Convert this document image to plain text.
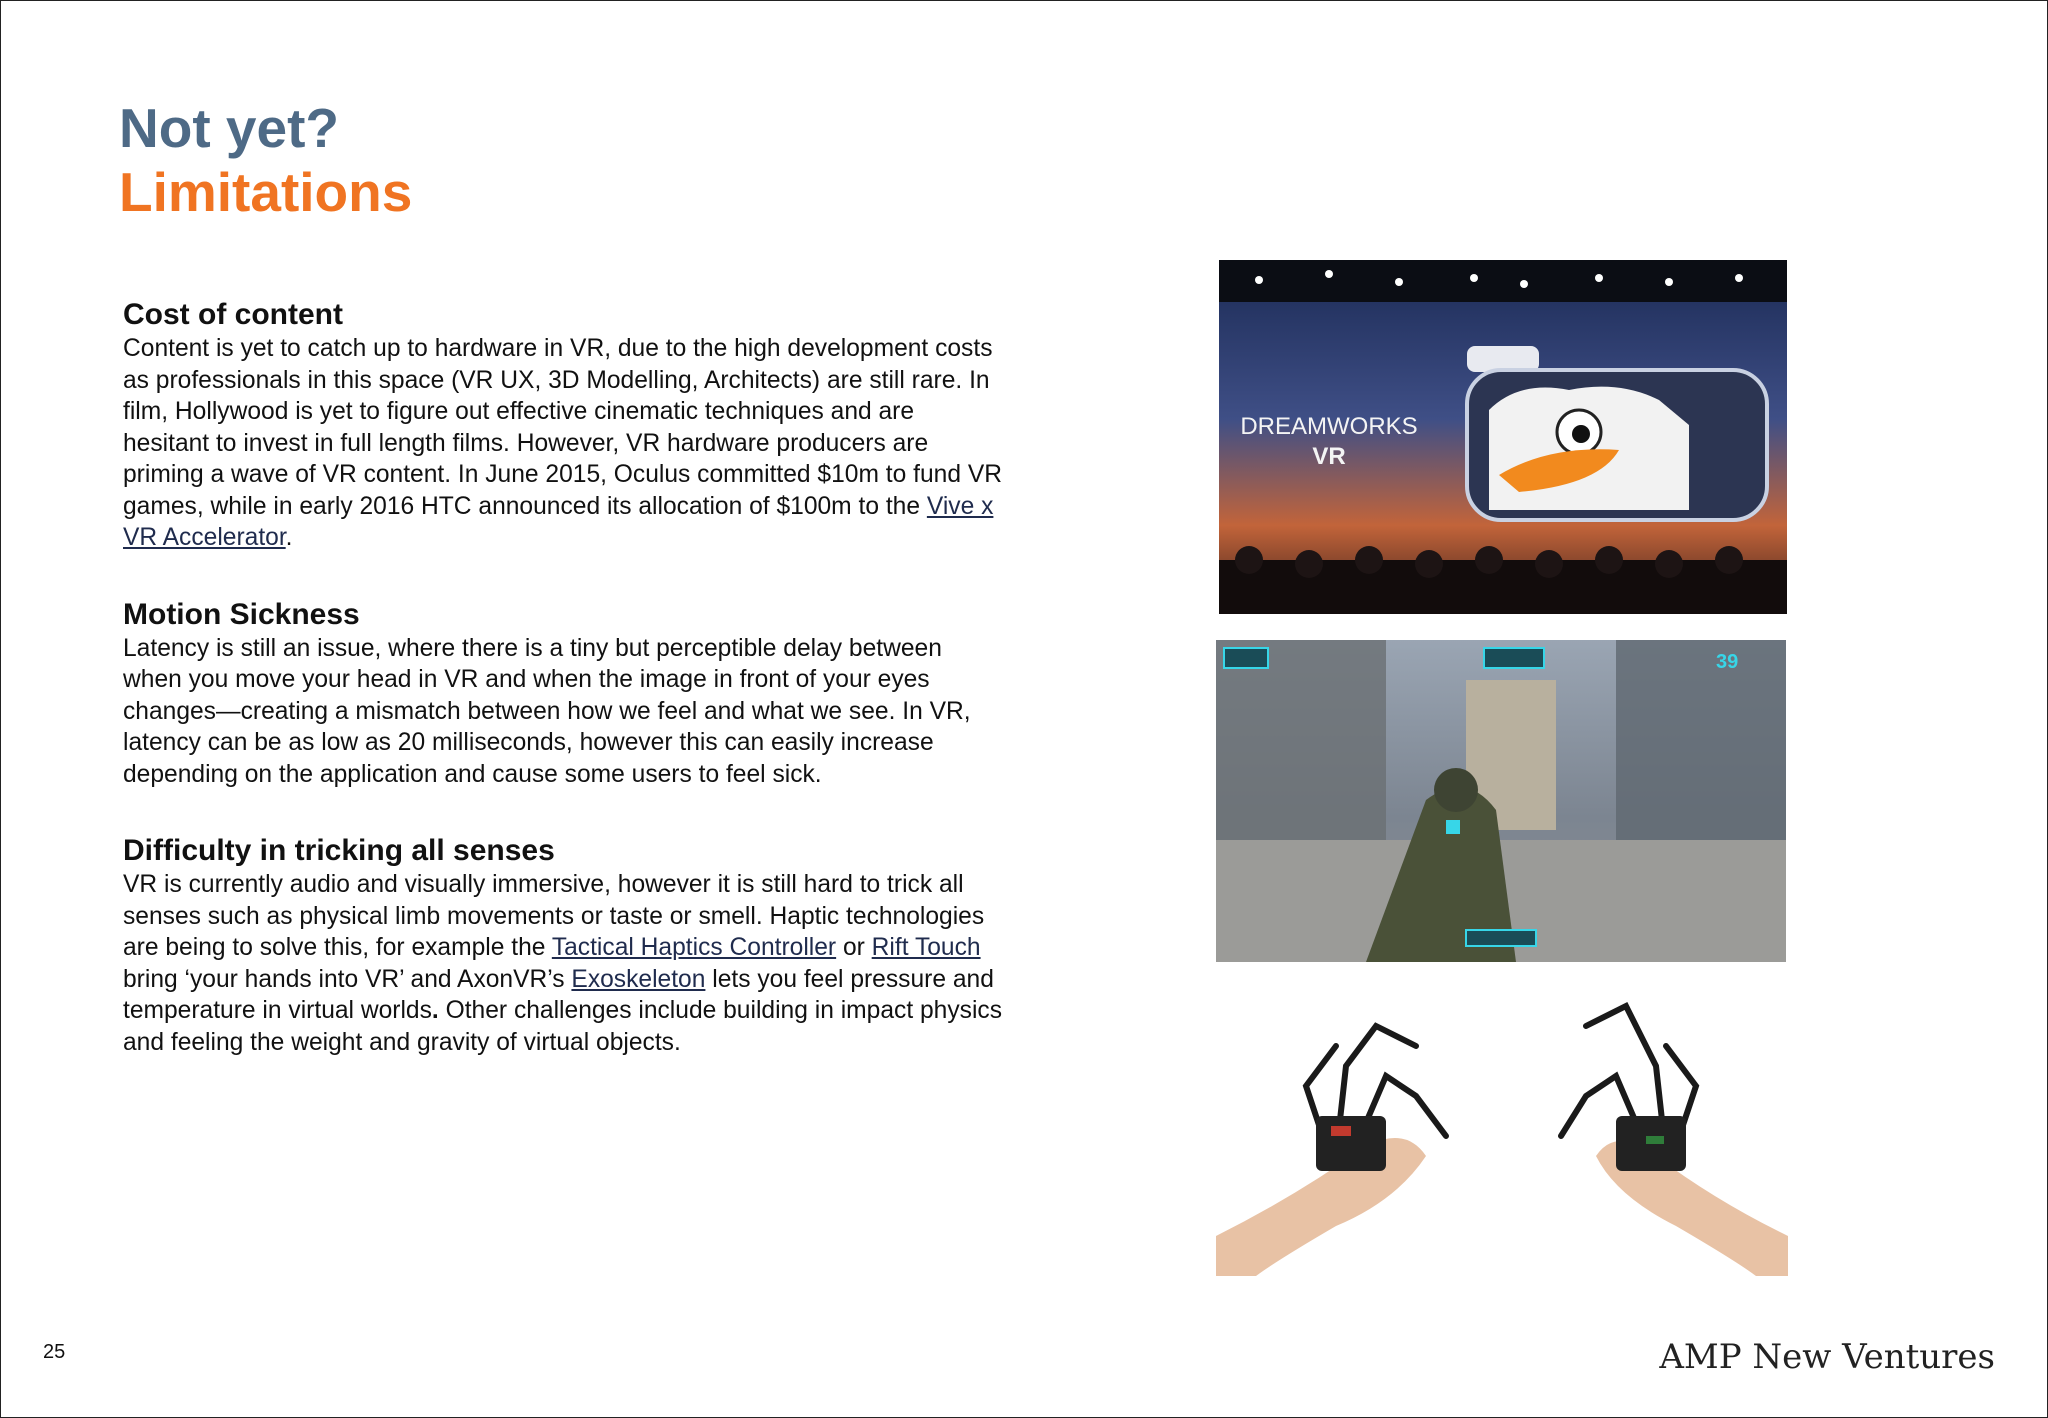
Not yet?
Limitations
Cost of content
Content is yet to catch up to hardware in VR, due to the high development costs as professionals in this space (VR UX, 3D Modelling, Architects) are still rare. In film, Hollywood is yet to figure out effective cinematic techniques and are hesitant to invest in full length films. However, VR hardware producers are priming a wave of VR content. In June 2015, Oculus committed $10m to fund VR games, while in early 2016 HTC announced its allocation of $100m to the Vive x VR Accelerator.
Motion Sickness
Latency is still an issue, where there is a tiny but perceptible delay between when you move your head in VR and when the image in front of your eyes changes—creating a mismatch between how we feel and what we see. In VR, latency can be as low as 20 milliseconds, however this can easily increase depending on the application and cause some users to feel sick.
Difficulty in tricking all senses
VR is currently audio and visually immersive, however it is still hard to trick all senses such as physical limb movements or taste or smell. Haptic technologies are being to solve this, for example the Tactical Haptics Controller or Rift Touch bring ‘your hands into VR’ and AxonVR’s Exoskeleton lets you feel pressure and temperature in virtual worlds. Other challenges include building in impact physics and feeling the weight and gravity of virtual objects.
DREAMWORKS
VR
39
25	AMP New Ventures
